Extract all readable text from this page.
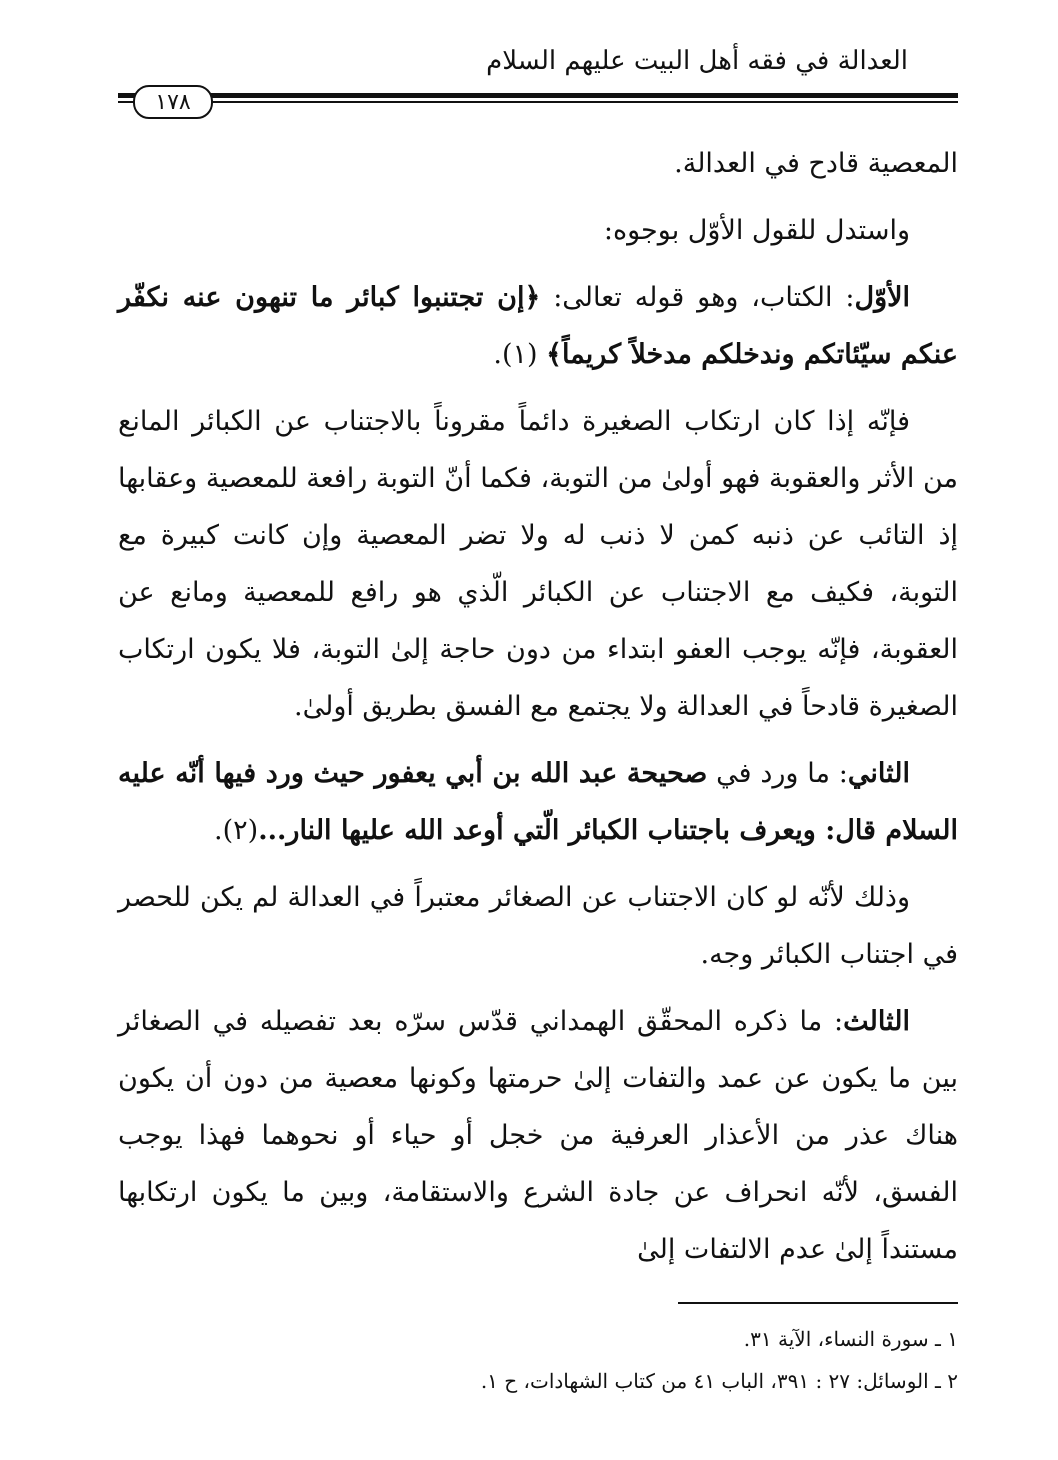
العدالة في فقه أهل البيت عليهم السلام
١٧٨

المعصية قادح في العدالة.

واستدل للقول الأوّل بوجوه:

الأوّل: الكتاب، وهو قوله تعالى: ﴿إن تجتنبوا كبائر ما تنهون عنه نكفّر عنكم سيّئاتكم وندخلكم مدخلاً كريماً﴾ (١).

فإنّه إذا كان ارتكاب الصغيرة دائماً مقروناً بالاجتناب عن الكبائر المانع من الأثر والعقوبة فهو أولىٰ من التوبة، فكما أنّ التوبة رافعة للمعصية وعقابها إذ التائب عن ذنبه كمن لا ذنب له ولا تضر المعصية وإن كانت كبيرة مع التوبة، فكيف مع الاجتناب عن الكبائر الّذي هو رافع للمعصية ومانع عن العقوبة، فإنّه يوجب العفو ابتداء من دون حاجة إلىٰ التوبة، فلا يكون ارتكاب الصغيرة قادحاً في العدالة ولا يجتمع مع الفسق بطريق أولىٰ.

الثاني: ما ورد في صحيحة عبد الله بن أبي يعفور حيث ورد فيها أنّه عليه السلام قال: ويعرف باجتناب الكبائر الّتي أوعد الله عليها النار...(٢).

وذلك لأنّه لو كان الاجتناب عن الصغائر معتبراً في العدالة لم يكن للحصر في اجتناب الكبائر وجه.

الثالث: ما ذكره المحقّق الهمداني قدّس سرّه بعد تفصيله في الصغائر بين ما يكون عن عمد والتفات إلىٰ حرمتها وكونها معصية من دون أن يكون هناك عذر من الأعذار العرفية من خجل أو حياء أو نحوهما فهذا يوجب الفسق، لأنّه انحراف عن جادة الشرع والاستقامة، وبين ما يكون ارتكابها مستنداً إلىٰ عدم الالتفات إلىٰ

١ ـ سورة النساء، الآية ٣١.
٢ ـ الوسائل: ٢٧ : ٣٩١، الباب ٤١ من كتاب الشهادات، ح ١.
